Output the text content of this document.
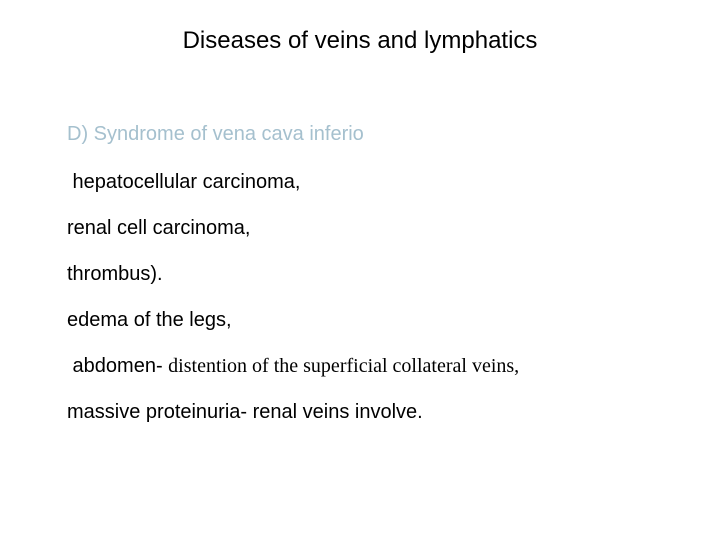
Diseases of veins and lymphatics
D) Syndrome of vena cava inferio
hepatocellular carcinoma,
renal cell carcinoma,
thrombus).
edema of the legs,
abdomen- distention of the superficial collateral veins,
massive proteinuria- renal veins involve.
